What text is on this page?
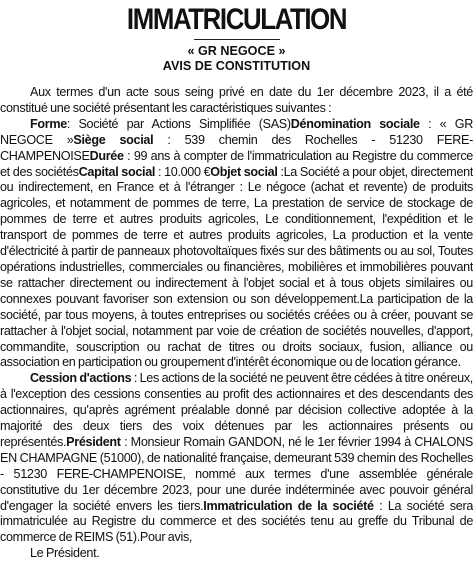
IMMATRICULATION
« GR NEGOCE »
AVIS DE CONSTITUTION

Aux termes d'un acte sous seing privé en date du 1er décembre 2023, il a été constitué une société présentant les caractéristiques suivantes :

Forme: Société par Actions Simplifiée (SAS)Dénomination sociale : « GR NEGOCE »Siège social : 539 chemin des Rochelles - 51230 FERE-CHAMPENOISEDurée : 99 ans à compter de l'immatriculation au Registre du commerce et des sociétésCapital social : 10.000 €Objet social :La Société a pour objet, directement ou indirectement, en France et à l'étranger : Le négoce (achat et revente) de produits agricoles, et notamment de pommes de terre, La prestation de service de stockage de pommes de terre et autres produits agricoles, Le conditionnement, l'expédition et le transport de pommes de terre et autres produits agricoles, La production et la vente d'électricité à partir de panneaux photovoltaïques fixés sur des bâtiments ou au sol, Toutes opérations industrielles, commerciales ou financières, mobilières et immobilières pouvant se rattacher directement ou indirectement à l'objet social et à tous objets similaires ou connexes pouvant favoriser son extension ou son développement.La participation de la société, par tous moyens, à toutes entreprises ou sociétés créées ou à créer, pouvant se rattacher à l'objet social, notamment par voie de création de sociétés nouvelles, d'apport, commandite, souscription ou rachat de titres ou droits sociaux, fusion, alliance ou association en participation ou groupement d'intérêt économique ou de location gérance.

Cession d'actions : Les actions de la société ne peuvent être cédées à titre onéreux, à l'exception des cessions consenties au profit des actionnaires et des descendants des actionnaires, qu'après agrément préalable donné par décision collective adoptée à la majorité des deux tiers des voix détenues par les actionnaires présents ou représentés.Président : Monsieur Romain GANDON, né le 1er février 1994 à CHALONS EN CHAMPAGNE (51000), de nationalité française, demeurant 539 chemin des Rochelles - 51230 FERE-CHAMPENOISE, nommé aux termes d'une assemblée générale constitutive du 1er décembre 2023, pour une durée indéterminée avec pouvoir général d'engager la société envers les tiers.Immatriculation de la société : La société sera immatriculée au Registre du commerce et des sociétés tenu au greffe du Tribunal de commerce de REIMS (51).Pour avis,

Le Président.
